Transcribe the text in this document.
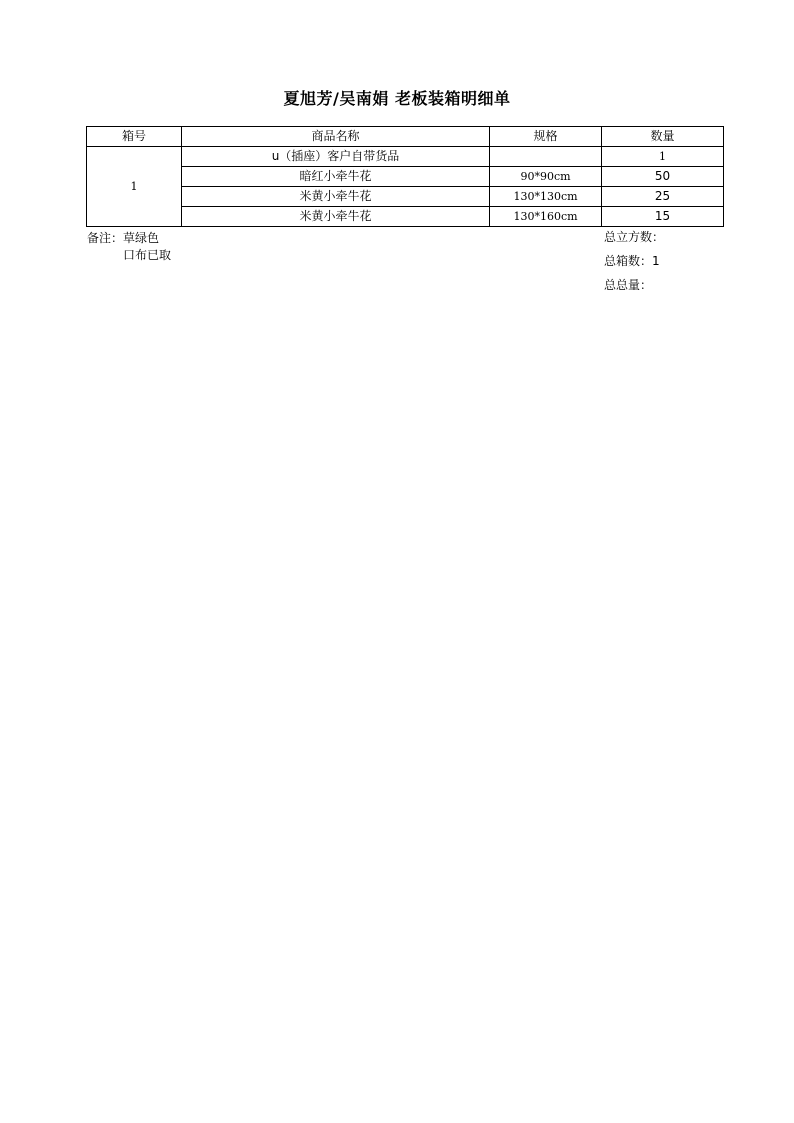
夏旭芳/吴南娟 老板装箱明细单
箱号	商品名称	规格	数量
1	u（插座）客户自带货品		1
	暗红小牵牛花	90*90cm	50
	米黄小牵牛花	130*130cm	25
	米黄小牵牛花	130*160cm	15
备注：草绿色
口布已取
总立方数：
总箱数：1
总总量：
